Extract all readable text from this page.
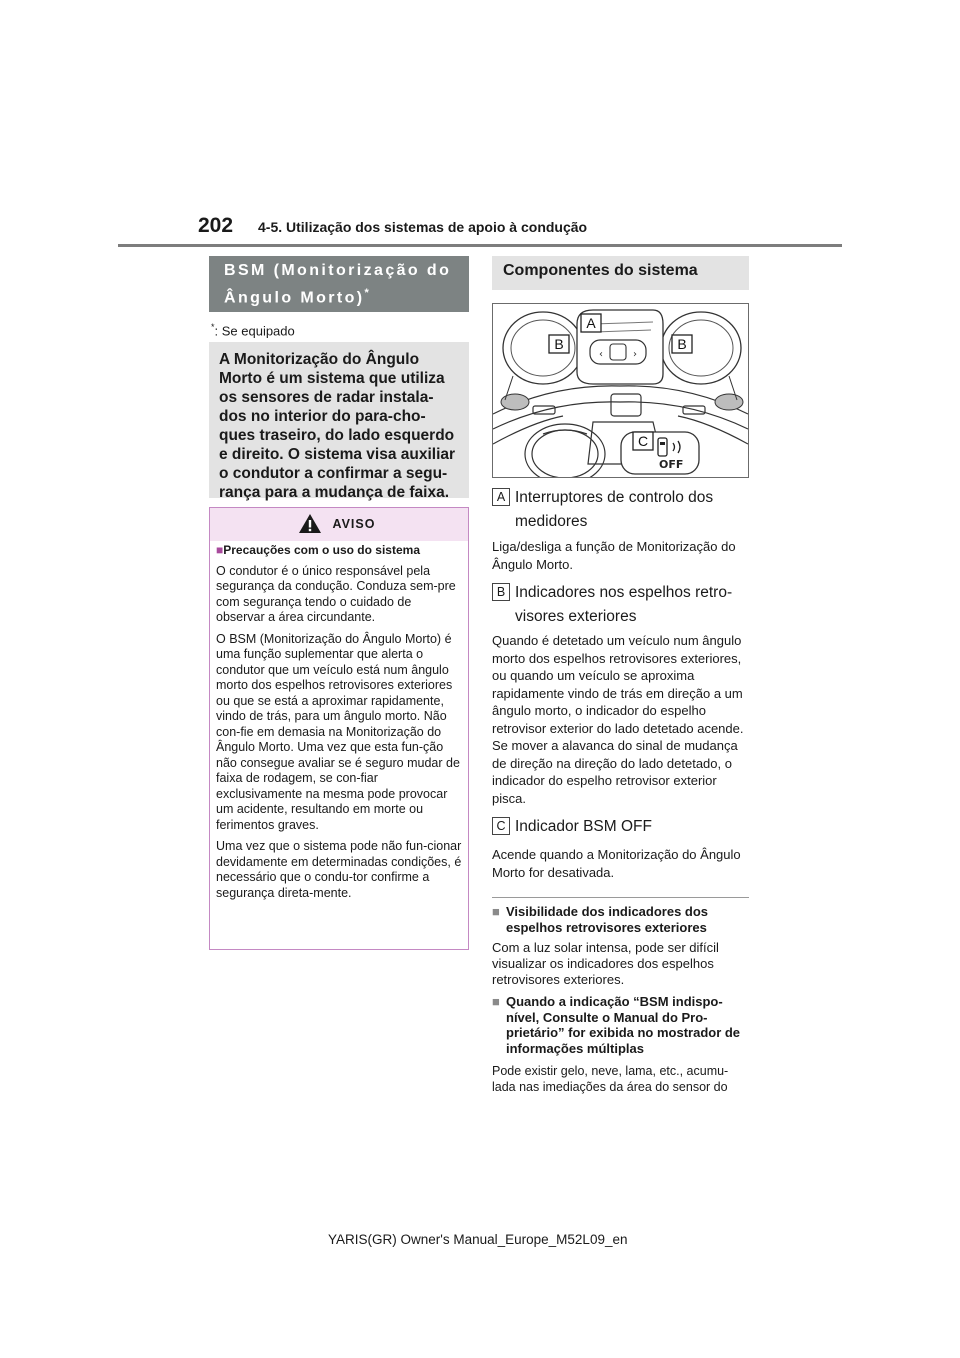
202 4-5. Utilização dos sistemas de apoio à condução
BSM (Monitorização do
Ângulo Morto)*
*: Se equipado
A Monitorização do Ângulo Morto é um sistema que utiliza os sensores de radar instala-dos no interior do para-cho-ques traseiro, do lado esquerdo e direito. O sistema visa auxiliar o condutor a confirmar a segu-rança para a mudança de faixa.
AVISO
■Precauções com o uso do sistema

O condutor é o único responsável pela segurança da condução. Conduza sem-pre com segurança tendo o cuidado de observar a área circundante.

O BSM (Monitorização do Ângulo Morto) é uma função suplementar que alerta o condutor que um veículo está num ângulo morto dos espelhos retrovisores exteriores ou que se está a aproximar rapidamente, vindo de trás, para um ângulo morto. Não con-fie em demasia na Monitorização do Ângulo Morto. Uma vez que esta fun-ção não consegue avaliar se é seguro mudar de faixa de rodagem, se con-fiar exclusivamente na mesma pode provocar um acidente, resultando em morte ou ferimentos graves.

Uma vez que o sistema pode não fun-cionar devidamente em determinadas condições, é necessário que o condu-tor confirme a segurança direta-mente.

Componentes do sistema
‹	›
OFF
B	B
A
C
A Interruptores de controlo dos
medidores
Liga/desliga a função de Monitorização do Ângulo Morto.
B Indicadores nos espelhos retro-
visores exteriores
Quando é detetado um veículo num ângulo morto dos espelhos retrovisores exteriores, ou quando um veículo se aproxima rapidamente vindo de trás em direção a um ângulo morto, o indicador do espelho retrovisor exterior do lado detetado acende. Se mover a alavanca do sinal de mudança de direção na direção do lado detetado, o indicador do espelho retrovisor exterior pisca.
C Indicador BSM OFF
Acende quando a Monitorização do Ângulo Morto for desativada.
■ Visibilidade dos indicadores dos espelhos retrovisores exteriores
Com a luz solar intensa, pode ser difícil visualizar os indicadores dos espelhos retrovisores exteriores.
■ Quando a indicação “BSM indispo-nível, Consulte o Manual do Pro-prietário” for exibida no mostrador de informações múltiplas
Pode existir gelo, neve, lama, etc., acumu-lada nas imediações da área do sensor do
YARIS(GR) Owner's Manual_Europe_M52L09_en
